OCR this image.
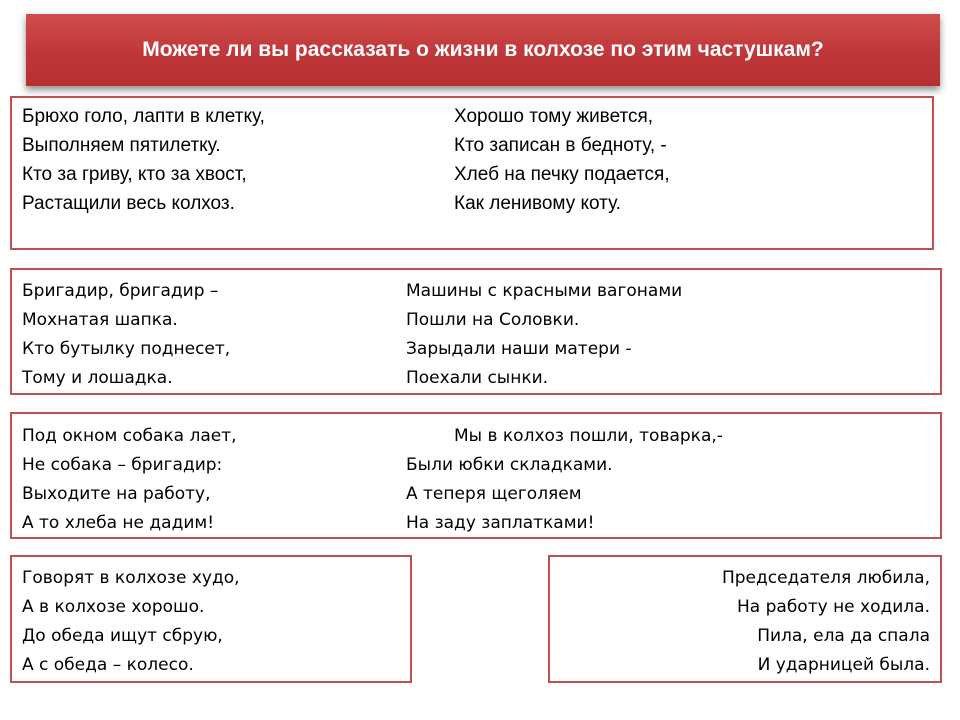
Можете ли вы рассказать о жизни в колхозе по этим частушкам?
Брюхо голо, лапти в клетку,
Выполняем пятилетку.
Кто за гриву, кто за хвост,
Растащили весь колхоз.
Хорошо тому живется,
Кто записан в бедноту, -
Хлеб на печку подается,
Как ленивому коту.
Бригадир, бригадир –
Мохнатая шапка.
Кто бутылку поднесет,
Тому и лошадка.
Машины с красными вагонами
Пошли на Соловки.
Зарыдали наши матери -
Поехали сынки.
Под окном собака лает,
Не собака – бригадир:
Выходите на работу,
А то хлеба не дадим!
Мы в колхоз пошли, товарка,-
Были юбки складками.
А теперя щеголяем
На заду заплатками!
Говорят в колхозе худо,
А в колхозе хорошо.
До обеда ищут сбрую,
А с обеда – колесо.
Председателя любила,
На работу не ходила.
Пила, ела да спала
И ударницей была.
